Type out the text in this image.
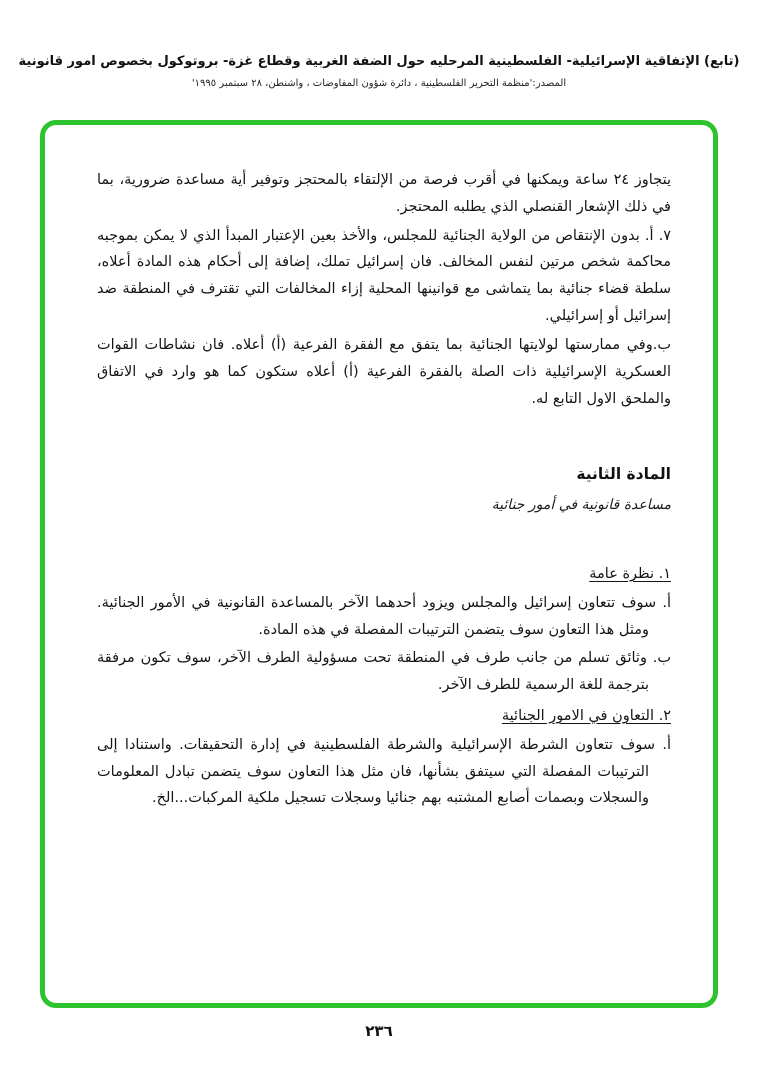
(تابع) الإتفاقية الإسرائيلية- الفلسطينية المرحليه حول الضفة الغربية وقطاع غزة- بروتوكول بخصوص امور قانونية
المصدر:'منظمة التحرير الفلسطينية ، دائرة شؤون المفاوضات ، واشنطن، ٢٨ سبتمبر ١٩٩٥'

يتجاوز ٢٤ ساعة ويمكنها في أقرب فرصة من الإلتقاء بالمحتجز وتوفير أية مساعدة ضرورية، بما في ذلك الإشعار القنصلي الذي يطلبه المحتجز.

٧. أ. بدون الإنتقاص من الولاية الجنائية للمجلس، والأخذ بعين الإعتبار المبدأ الذي لا يمكن بموجبه محاكمة شخص مرتين لنفس المخالف. فان إسرائيل تملك، إضافة إلى أحكام هذه المادة أعلاه، سلطة قضاء جنائية بما يتماشى مع قوانينها المحلية إزاء المخالفات التي تقترف في المنطقة ضد إسرائيل أو إسرائيلي.

ب.وفي ممارستها لولايتها الجنائية بما يتفق مع الفقرة الفرعية (أ) أعلاه. فان نشاطات القوات العسكرية الإسرائيلية ذات الصلة بالفقرة الفرعية (أ) أعلاه ستكون كما هو وارد في الاتفاق والملحق الاول التابع له.

المادة الثانية
مساعدة قانونية في أمور جنائية
١. نظرة عامة

أ. سوف تتعاون إسرائيل والمجلس ويزود أحدهما الآخر بالمساعدة القانونية في الأمور الجنائية. ومثل هذا التعاون سوف يتضمن الترتيبات المفصلة في هذه المادة.

ب. وثائق تسلم من جانب طرف في المنطقة تحت مسؤولية الطرف الآخر، سوف تكون مرفقة بترجمة للغة الرسمية للطرف الآخر.

٢. التعاون في الامور الجنائية

أ. سوف تتعاون الشرطة الإسرائيلية والشرطة الفلسطينية في إدارة التحقيقات. واستنادا إلى الترتيبات المفصلة التي سيتفق بشأنها، فان مثل هذا التعاون سوف يتضمن تبادل المعلومات والسجلات وبصمات أصابع المشتبه بهم جنائيا وسجلات تسجيل ملكية المركبات...الخ.

٢٣٦
